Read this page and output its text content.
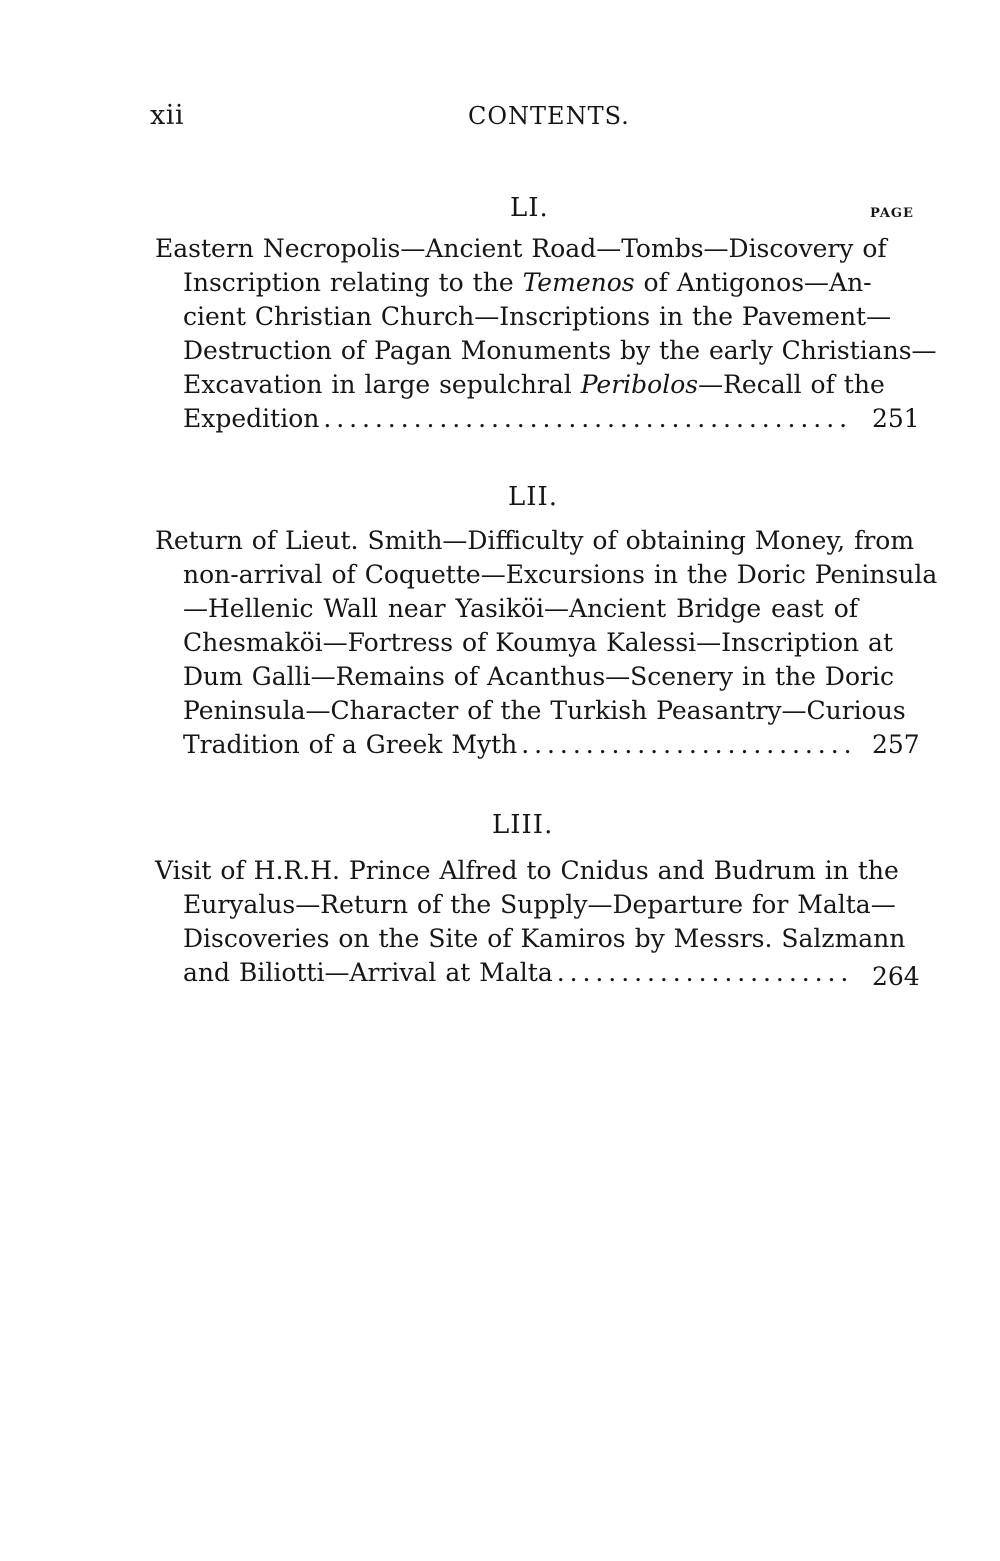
xii	CONTENTS.
PAGE
LI.
Eastern Necropolis—Ancient Road—Tombs—Discovery of
Inscription relating to the Temenos of Antigonos—An-
cient Christian Church—Inscriptions in the Pavement—
Destruction of Pagan Monuments by the early Christians—
Excavation in large sepulchral Peribolos—Recall of the
Expedition . . .	251
LII.
Return of Lieut. Smith—Difficulty of obtaining Money, from
non-arrival of Coquette—Excursions in the Doric Peninsula
—Hellenic Wall near Yasiköi—Ancient Bridge east of
Chesmaköi—Fortress of Koumya Kalessi—Inscription at
Dum Galli—Remains of Acanthus—Scenery in the Doric
Peninsula—Character of the Turkish Peasantry—Curious
Tradition of a Greek Myth . . .	257
LIII.
Visit of H.R.H. Prince Alfred to Cnidus and Budrum in the
Euryalus—Return of the Supply—Departure for Malta—
Discoveries on the Site of Kamiros by Messrs. Salzmann
and Biliotti—Arrival at Malta . . .	264
